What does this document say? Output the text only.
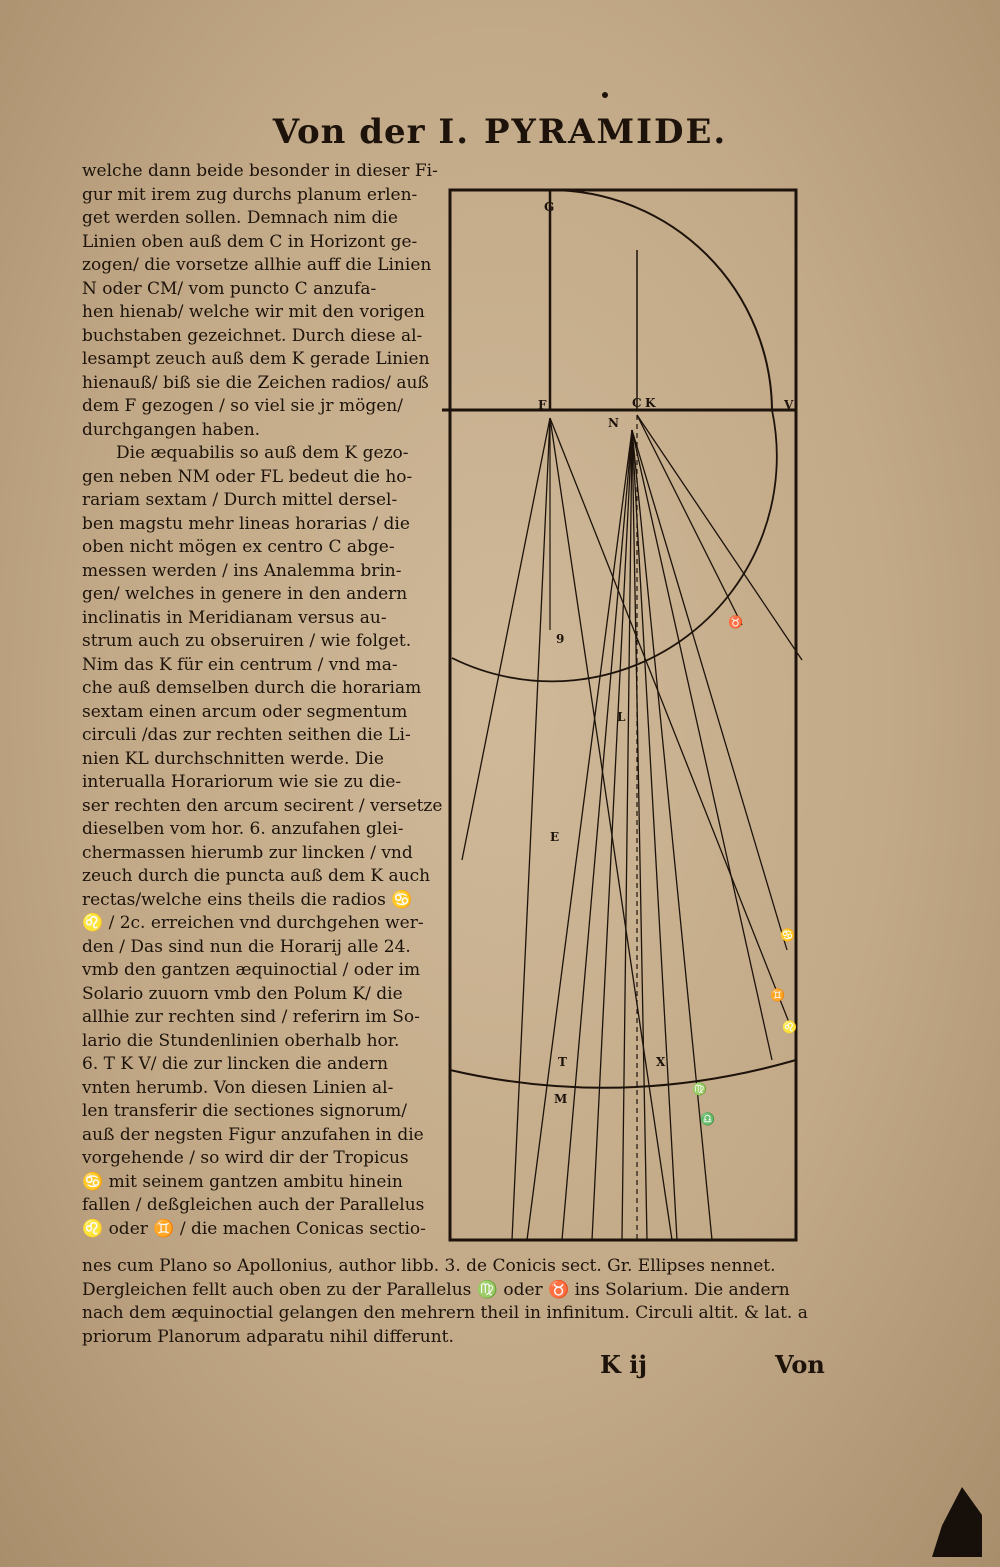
Von der I. PYRAMIDE.
welche dann beide besonder in dieser Fi-
gur mit irem zug durchs planum erlen-
get werden sollen. Demnach nim die
Linien oben auß dem C in Horizont ge-
zogen/ die vorsetze allhie auff die Linien
N oder CM/ vom puncto C anzufa-
hen hienab/ welche wir mit den vorigen
buchstaben gezeichnet. Durch diese al-
lesampt zeuch auß dem K gerade Linien
hienauß/ biß sie die Zeichen radios/ auß
dem F gezogen / so viel sie jr mögen/
durchgangen haben.
Die æquabilis so auß dem K gezo-
gen neben NM oder FL bedeut die ho-
rariam sextam / Durch mittel dersel-
ben magstu mehr lineas horarias / die
oben nicht mögen ex centro C abge-
messen werden / ins Analemma brin-
gen/ welches in genere in den andern
inclinatis in Meridianam versus au-
strum auch zu obseruiren / wie folget.
Nim das K für ein centrum / vnd ma-
che auß demselben durch die horariam
sextam einen arcum oder segmentum
circuli /das zur rechten seithen die Li-
nien KL durchschnitten werde. Die
interualla Horariorum wie sie zu die-
ser rechten den arcum secirent / versetze
dieselben vom hor. 6. anzufahen glei-
chermassen hierumb zur lincken / vnd
zeuch durch die puncta auß dem K auch
rectas/welche eins theils die radios ♋
♌ / 2c. erreichen vnd durchgehen wer-
den / Das sind nun die Horarij alle 24.
vmb den gantzen æquinoctial / oder im
Solario zuuorn vmb den Polum K/ die
allhie zur rechten sind / referirn im So-
lario die Stundenlinien oberhalb hor.
6. T K V/ die zur lincken die andern
vnten herumb. Von diesen Linien al-
len transferir die sectiones signorum/
auß der negsten Figur anzufahen in die
vorgehende / so wird dir der Tropicus
♋ mit seinem gantzen ambitu hinein
fallen / deßgleichen auch der Parallelus
♌ oder ♊ / die machen Conicas sectio-
G
F	C K	V
N
9
L
E
♉
♋
♊
♌
♍
♎
T
M
X
nes cum Plano so Apollonius, author libb. 3. de Conicis sect. Gr. Ellipses nennet.
Dergleichen fellt auch oben zu der Parallelus ♍ oder ♉ ins Solarium. Die andern
nach dem æquinoctial gelangen den mehrern theil in infinitum. Circuli altit. & lat. a
priorum Planorum adparatu nihil differunt.
K ij	Von
